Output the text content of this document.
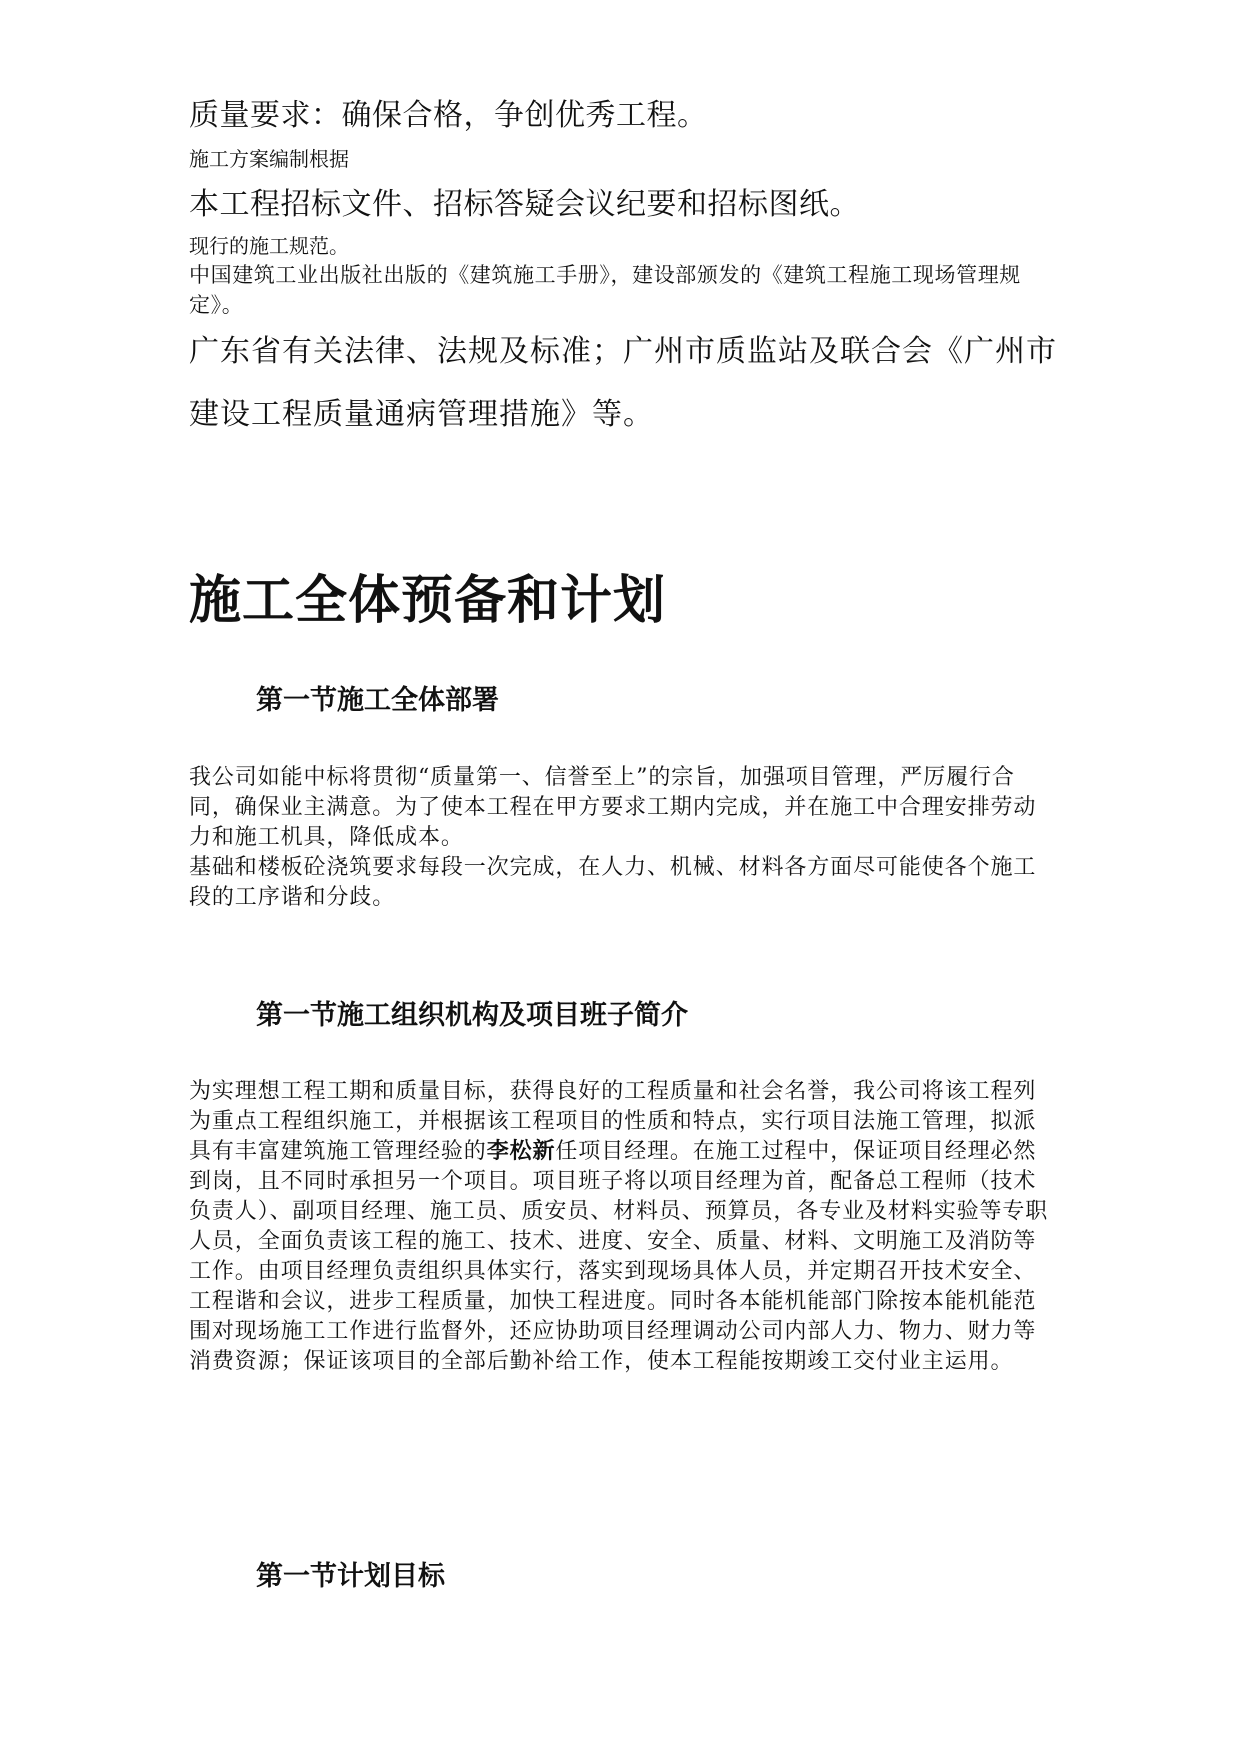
质量要求：确保合格，争创优秀工程。

施工方案编制根据

本工程招标文件、招标答疑会议纪要和招标图纸。

现行的施工规范。

中国建筑工业出版社出版的《建筑施工手册》，建设部颁发的《建筑工程施工现场管理规定》。

广东省有关法律、法规及标准；广州市质监站及联合会《广州市建设工程质量通病管理措施》等。

施工全体预备和计划
第一节施工全体部署

我公司如能中标将贯彻“质量第一、信誉至上”的宗旨，加强项目管理，严厉履行合同，确保业主满意。为了使本工程在甲方要求工期内完成，并在施工中合理安排劳动力和施工机具，降低成本。

基础和楼板砼浇筑要求每段一次完成，在人力、机械、材料各方面尽可能使各个施工段的工序谐和分歧。

第一节施工组织机构及项目班子简介

为实理想工程工期和质量目标，获得良好的工程质量和社会名誉，我公司将该工程列为重点工程组织施工，并根据该工程项目的性质和特点，实行项目法施工管理，拟派具有丰富建筑施工管理经验的李松新任项目经理。在施工过程中，保证项目经理必然到岗，且不同时承担另一个项目。项目班子将以项目经理为首，配备总工程师（技术负责人）、副项目经理、施工员、质安员、材料员、预算员，各专业及材料实验等专职人员，全面负责该工程的施工、技术、进度、安全、质量、材料、文明施工及消防等工作。由项目经理负责组织具体实行，落实到现场具体人员，并定期召开技术安全、工程谐和会议，进步工程质量，加快工程进度。同时各本能机能部门除按本能机能范围对现场施工工作进行监督外，还应协助项目经理调动公司内部人力、物力、财力等消费资源；保证该项目的全部后勤补给工作，使本工程能按期竣工交付业主运用。

第一节计划目标
